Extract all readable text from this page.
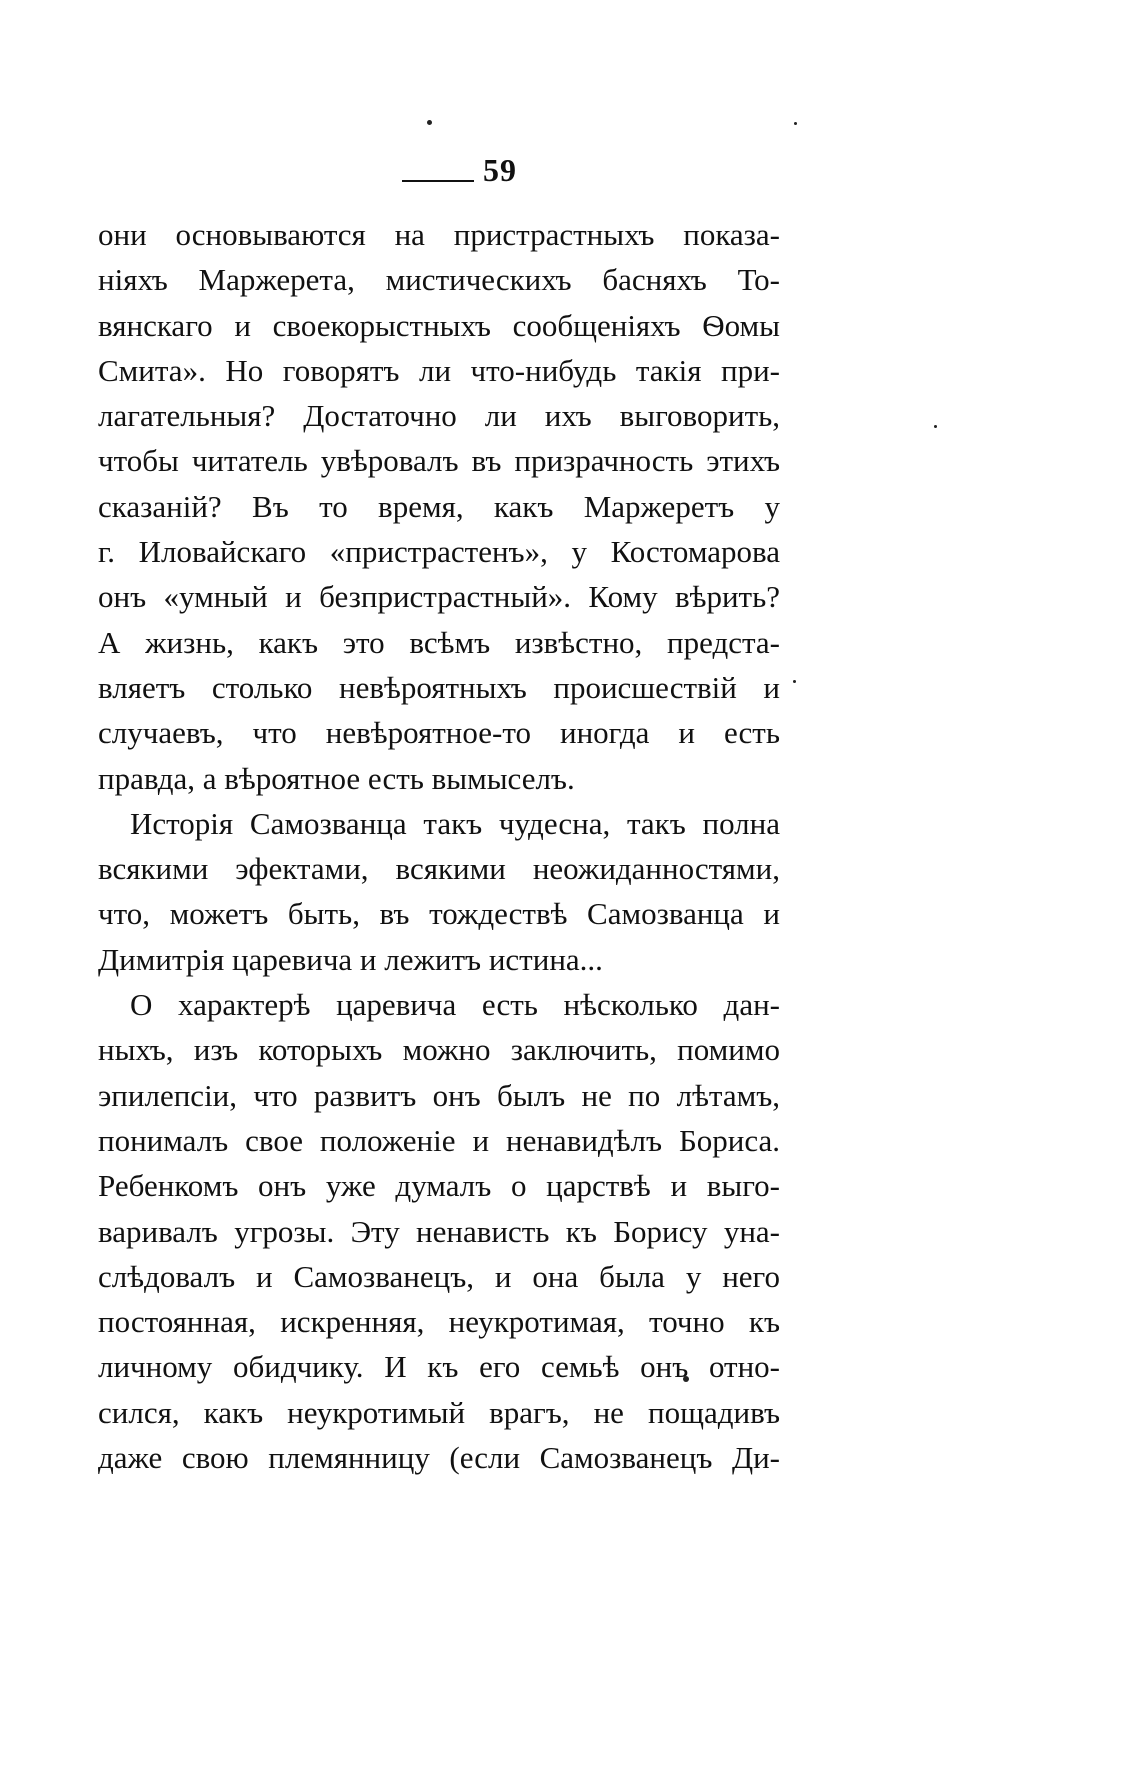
59
они основываются на пристрастныхъ показа-
ніяхъ Маржерета, мистическихъ басняхъ То-
вянскаго и своекорыстныхъ сообщеніяхъ Ѳомы
Смита». Но говорятъ ли что-нибудь такія при-
лагательныя? Достаточно ли ихъ выговорить,
чтобы читатель увѣровалъ въ призрачность этихъ
сказаній? Въ то время, какъ Маржеретъ у
г. Иловайскаго «пристрастенъ», у Костомарова
онъ «умный и безпристрастный». Кому вѣрить?
А жизнь, какъ это всѣмъ извѣстно, предста-
вляетъ столько невѣроятныхъ происшествій и
случаевъ, что невѣроятное-то иногда и есть
правда, а вѣроятное есть вымыселъ.
Исторія Самозванца такъ чудесна, такъ полна
всякими эфектами, всякими неожиданностями,
что, можетъ быть, въ тождествѣ Самозванца и
Димитрія царевича и лежитъ истина...
О характерѣ царевича есть нѣсколько дан-
ныхъ, изъ которыхъ можно заключить, помимо
эпилепсіи, что развитъ онъ былъ не по лѣтамъ,
понималъ свое положеніе и ненавидѣлъ Бориса.
Ребенкомъ онъ уже думалъ о царствѣ и выго-
варивалъ угрозы. Эту ненависть къ Борису уна-
слѣдовалъ и Самозванецъ, и она была у него
постоянная, искренняя, неукротимая, точно къ
личному обидчику. И къ его семьѣ онъ отно-
сился, какъ неукротимый врагъ, не пощадивъ
даже свою племянницу (если Самозванецъ Ди-
